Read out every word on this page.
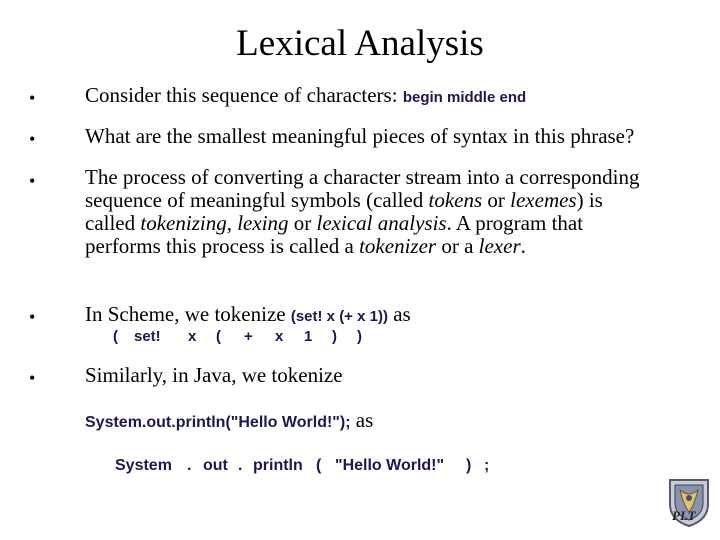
Lexical Analysis
• Consider this sequence of characters: begin middle end
• What are the smallest meaningful pieces of syntax in this phrase?
• The process of converting a character stream into a corresponding sequence of meaningful symbols (called tokens or lexemes) is called tokenizing, lexing or lexical analysis. A program that performs this process is called a tokenizer or a lexer.
• In Scheme, we tokenize (set! x (+ x 1)) as
( set! x ( + x 1 ) )
• Similarly, in Java, we tokenize
System.out.println("Hello World!"); as
System . out . println ( "Hello World!" ) ;
PLT
